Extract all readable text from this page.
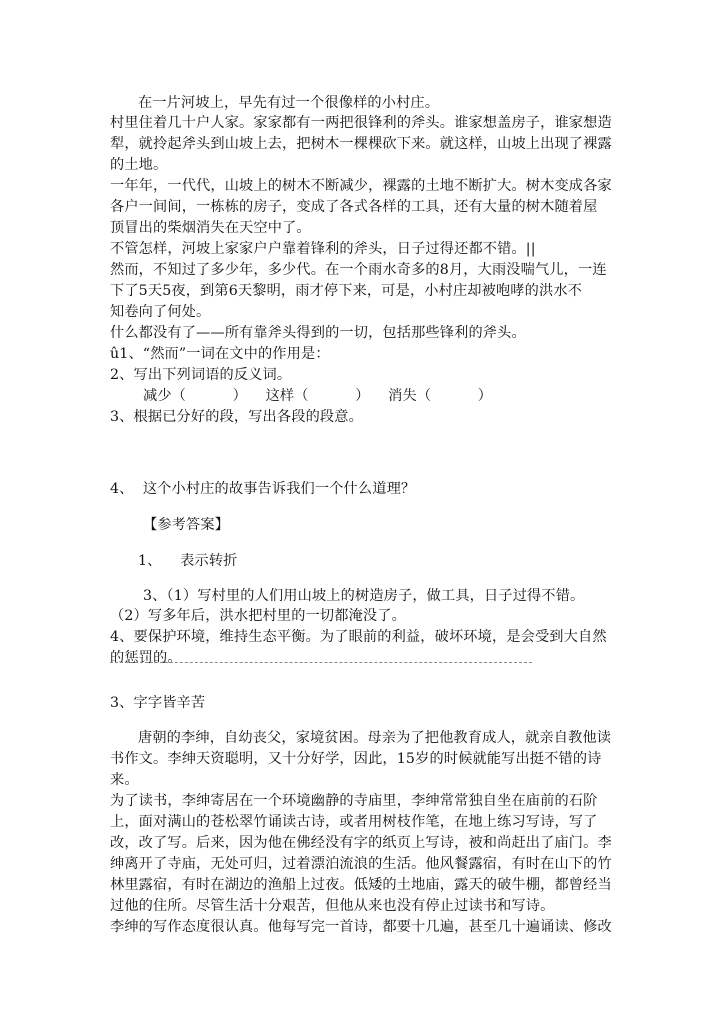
在一片河坡上，早先有过一个很像样的小村庄。
村里住着几十户人家。家家都有一两把很锋利的斧头。谁家想盖房子，谁家想造
犁，就拎起斧头到山坡上去，把树木一棵棵砍下来。就这样，山坡上出现了裸露
的土地。
一年年，一代代，山坡上的树木不断减少，裸露的土地不断扩大。树木变成各家
各户一间间，一栋栋的房子，变成了各式各样的工具，还有大量的树木随着屋
顶冒出的柴烟消失在天空中了。
不管怎样，河坡上家家户户靠着锋利的斧头，日子过得还都不错。||
然而，不知过了多少年，多少代。在一个雨水奇多的8月，大雨没喘气儿，一连
下了5天5夜，到第6天黎明，雨才停下来，可是，小村庄却被咆哮的洪水不
知卷向了何处。
什么都没有了——所有靠斧头得到的一切，包括那些锋利的斧头。
û1、“然而”一词在文中的作用是：
2、写出下列词语的反义词。
减少（          ）    这样（          ）    消失（          ）
3、根据已分好的段，写出各段的段意。
4、  这个小村庄的故事告诉我们一个什么道理？
【参考答案】
1、    表示转折
3、（1）写村里的人们用山坡上的树造房子，做工具，日子过得不错。
（2）写多年后，洪水把村里的一切都淹没了。
4、要保护环境，维持生态平衡。为了眼前的利益，破坏环境，是会受到大自然
的惩罚的。
3、字字皆辛苦
唐朝的李绅，自幼丧父，家境贫困。母亲为了把他教育成人，就亲自教他读
书作文。李绅天资聪明，又十分好学，因此，15岁的时候就能写出挺不错的诗
来。
为了读书，李绅寄居在一个环境幽静的寺庙里，李绅常常独自坐在庙前的石阶
上，面对满山的苍松翠竹诵读古诗，或者用树枝作笔，在地上练习写诗，写了
改，改了写。后来，因为他在佛经没有字的纸页上写诗，被和尚赶出了庙门。李
绅离开了寺庙，无处可归，过着漂泊流浪的生活。他风餐露宿，有时在山下的竹
林里露宿，有时在湖边的渔船上过夜。低矮的土地庙，露天的破牛棚，都曾经当
过他的住所。尽管生活十分艰苦，但他从来也没有停止过读书和写诗。
李绅的写作态度很认真。他每写完一首诗，都要十几遍，甚至几十遍诵读、修改
